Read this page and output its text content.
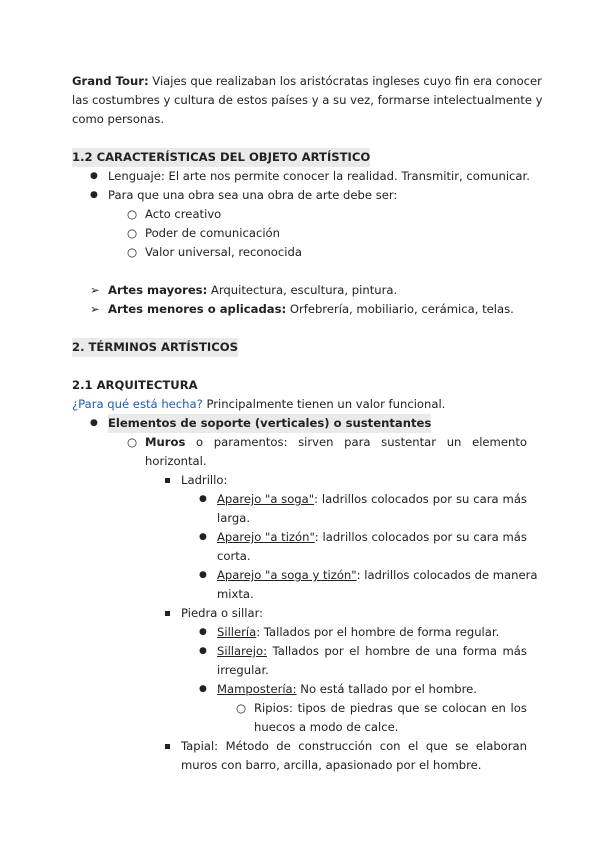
Grand Tour: Viajes que realizaban los aristócratas ingleses cuyo fin era conocer
las costumbres y cultura de estos países y a su vez, formarse intelectualmente y
como personas.
1.2 CARACTERÍSTICAS DEL OBJETO ARTÍSTICO
● Lenguaje: El arte nos permite conocer la realidad. Transmitir, comunicar.
● Para que una obra sea una obra de arte debe ser:
○ Acto creativo
○ Poder de comunicación
○ Valor universal, reconocida
➢ Artes mayores: Arquitectura, escultura, pintura.
➢ Artes menores o aplicadas: Orfebrería, mobiliario, cerámica, telas.
2. TÉRMINOS ARTÍSTICOS
2.1 ARQUITECTURA
¿Para qué está hecha? Principalmente tienen un valor funcional.
● Elementos de soporte (verticales) o sustentantes
○ Muros o paramentos: sirven para sustentar un elemento
horizontal.
Ladrillo:
● Aparejo "a soga": ladrillos colocados por su cara más
larga.
● Aparejo "a tizón": ladrillos colocados por su cara más
corta.
● Aparejo "a soga y tizón": ladrillos colocados de manera
mixta.
Piedra o sillar:
● Sillería: Tallados por el hombre de forma regular.
● Sillarejo: Tallados por el hombre de una forma más
irregular.
● Mampostería: No está tallado por el hombre.
○ Ripios: tipos de piedras que se colocan en los
huecos a modo de calce.
Tapial: Método de construcción con el que se elaboran
muros con barro, arcilla, apasionado por el hombre.
